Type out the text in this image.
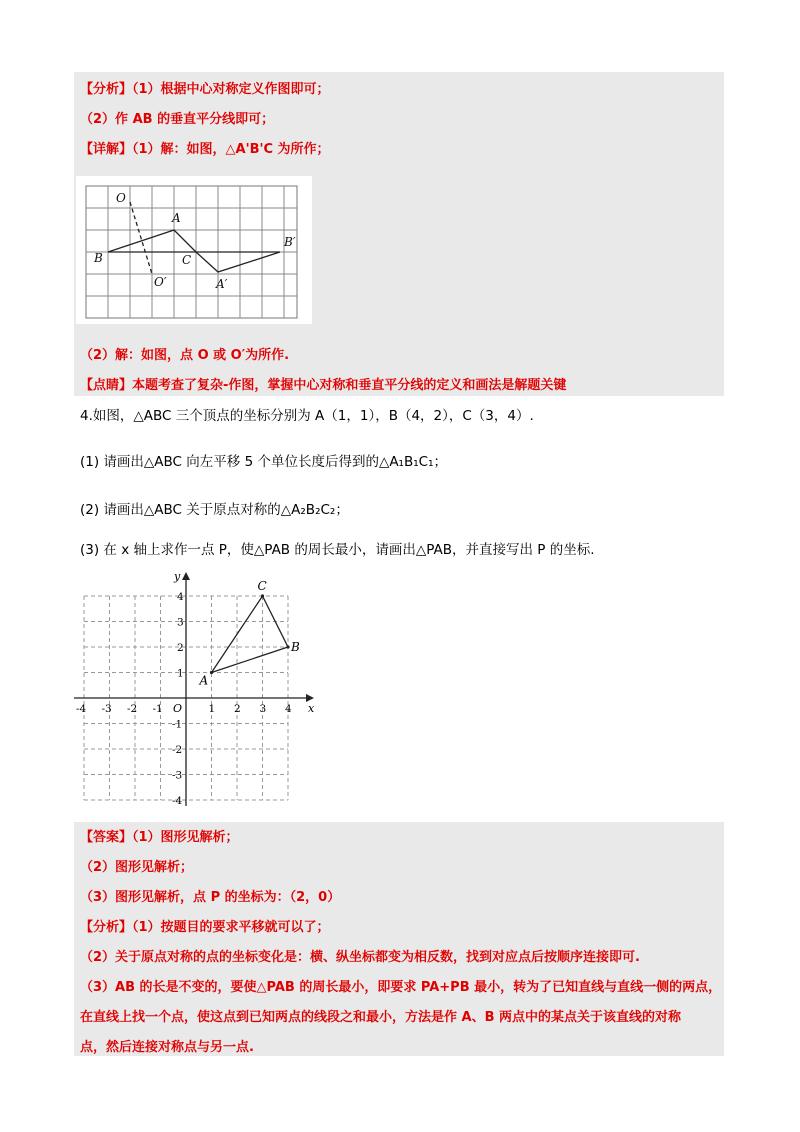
【分析】（1）根据中心对称定义作图即可；
（2）作 AB 的垂直平分线即可；
【详解】（1）解：如图，△A'B'C 为所作；
O
A
B′
B	C
O′	A′
（2）解：如图，点 O 或 O′为所作.
【点睛】本题考查了复杂-作图，掌握中心对称和垂直平分线的定义和画法是解题关键
4.如图，△ABC 三个顶点的坐标分别为 A（1，1），B（4，2），C（3，4）.
(1) 请画出△ABC 向左平移 5 个单位长度后得到的△A₁B₁C₁；
(2) 请画出△ABC 关于原点对称的△A₂B₂C₂；
(3) 在 x 轴上求作一点 P，使△PAB 的周长最小，请画出△PAB，并直接写出 P 的坐标.
x
y
O
-4 -3 -2 -1	1 2 3 4
4
3
2
1
-1
-2
-3
-4
A
B
C
【答案】（1）图形见解析；
（2）图形见解析；
（3）图形见解析，点 P 的坐标为：（2，0）
【分析】（1）按题目的要求平移就可以了；
（2）关于原点对称的点的坐标变化是：横、纵坐标都变为相反数，找到对应点后按顺序连接即可.
（3）AB 的长是不变的，要使△PAB 的周长最小，即要求 PA+PB 最小，转为了已知直线与直线一侧的两点，
在直线上找一个点，使这点到已知两点的线段之和最小，方法是作 A、B 两点中的某点关于该直线的对称
点，然后连接对称点与另一点.
